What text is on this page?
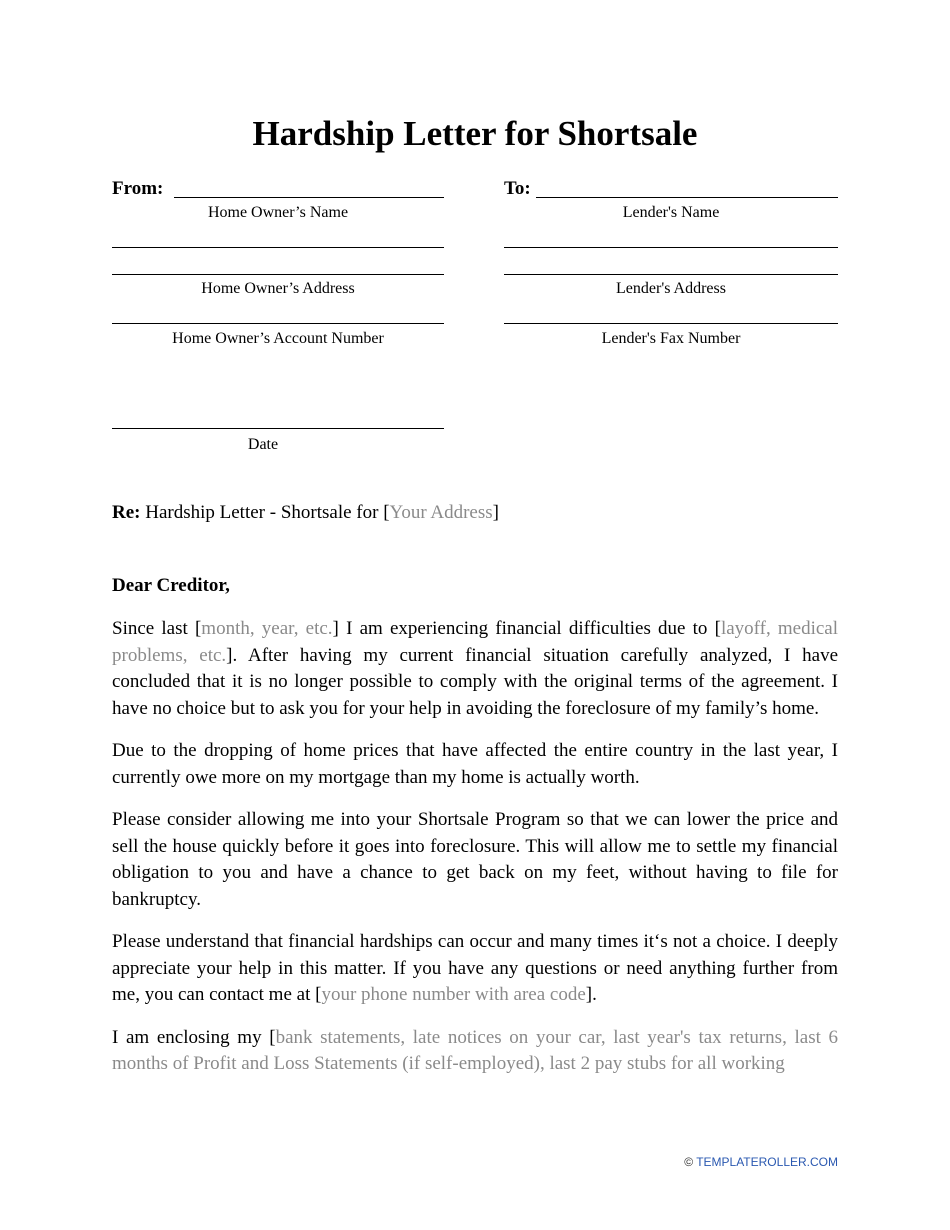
Hardship Letter for Shortsale
From:
Home Owner’s Name
Home Owner’s Address
Home Owner’s Account Number
Date
To:
Lender's Name
Lender's Address
Lender's Fax Number
Re: Hardship Letter - Shortsale for [Your Address]
Dear Creditor,

Since last [month, year, etc.] I am experiencing financial difficulties due to [layoff, medical problems, etc.]. After having my current financial situation carefully analyzed, I have concluded that it is no longer possible to comply with the original terms of the agreement. I have no choice but to ask you for your help in avoiding the foreclosure of my family’s home.

Due to the dropping of home prices that have affected the entire country in the last year, I currently owe more on my mortgage than my home is actually worth.

Please consider allowing me into your Shortsale Program so that we can lower the price and sell the house quickly before it goes into foreclosure. This will allow me to settle my financial obligation to you and have a chance to get back on my feet, without having to file for bankruptcy.

Please understand that financial hardships can occur and many times it‘s not a choice. I deeply appreciate your help in this matter. If you have any questions or need anything further from me, you can contact me at [your phone number with area code].

I am enclosing my [bank statements, late notices on your car, last year's tax returns, last 6 months of Profit and Loss Statements (if self-employed), last 2 pay stubs for all working

© TEMPLATEROLLER.COM
